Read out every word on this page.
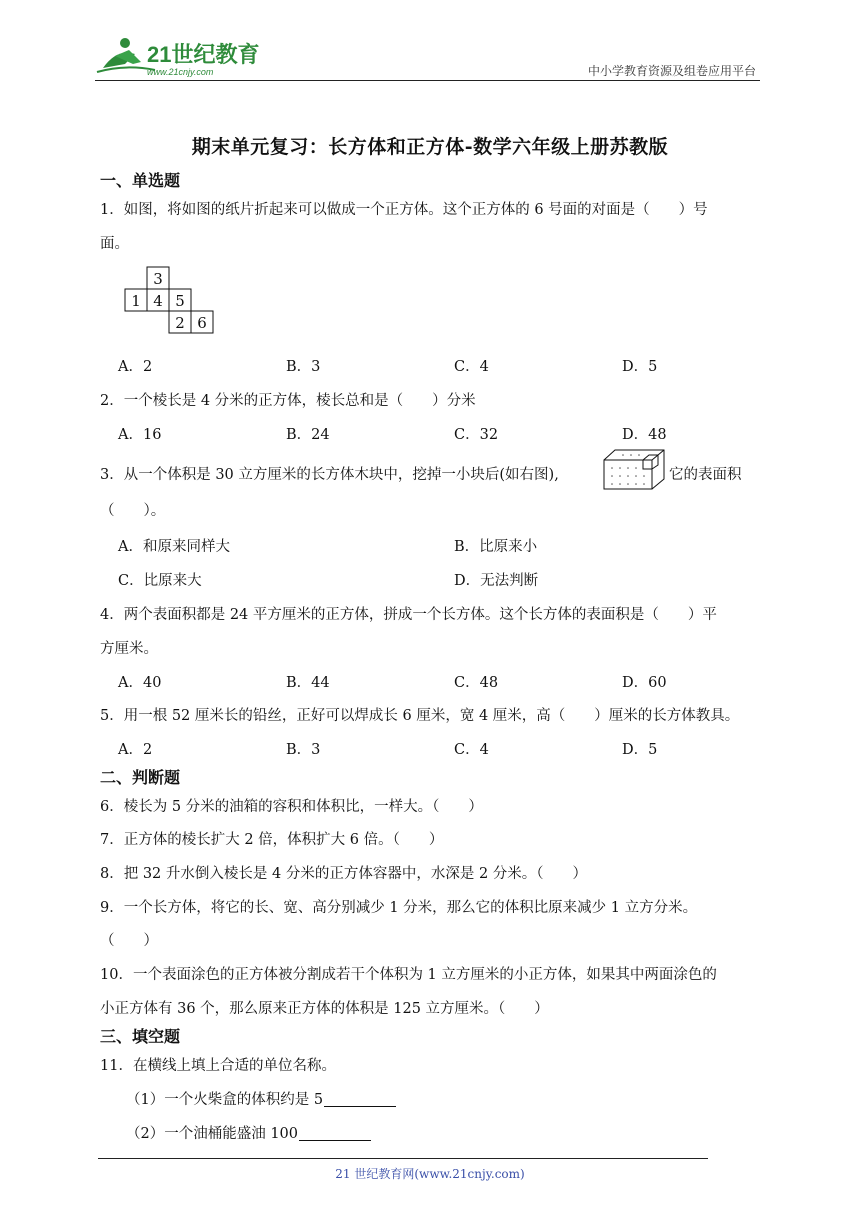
21世纪教育
www.21cnjy.com	中小学教育资源及组卷应用平台
期末单元复习：长方体和正方体-数学六年级上册苏教版
一、单选题
1．如图，将如图的纸片折起来可以做成一个正方体。这个正方体的 6 号面的对面是（　　）号
面。
3
1 4 5
2 6
A．2	B．3	C．4	D．5
2．一个棱长是 4 分米的正方体，棱长总和是（　　）分米
A．16	B．24	C．32	D．48
3．从一个体积是 30 立方厘米的长方体木块中，挖掉一小块后(如右图),	它的表面积
（　　）。
A．和原来同样大	B．比原来小
C．比原来大	D．无法判断
4．两个表面积都是 24 平方厘米的正方体，拼成一个长方体。这个长方体的表面积是（　　）平
方厘米。
A．40	B．44	C．48	D．60
5．用一根 52 厘米长的铅丝，正好可以焊成长 6 厘米，宽 4 厘米，高（　　）厘米的长方体教具。
A．2	B．3	C．4	D．5
二、判断题
6．棱长为 5 分米的油箱的容积和体积比，一样大。（　　）
7．正方体的棱长扩大 2 倍，体积扩大 6 倍。（　　）
8．把 32 升水倒入棱长是 4 分米的正方体容器中，水深是 2 分米。（　　）
9．一个长方体，将它的长、宽、高分别减少 1 分米，那么它的体积比原来减少 1 立方分米。
（　　）
10．一个表面涂色的正方体被分割成若干个体积为 1 立方厘米的小正方体，如果其中两面涂色的
小正方体有 36 个，那么原来正方体的体积是 125 立方厘米。（　　）
三、填空题
11．在横线上填上合适的单位名称。
（1）一个火柴盒的体积约是 5
（2）一个油桶能盛油 100
21 世纪教育网(www.21cnjy.com)
